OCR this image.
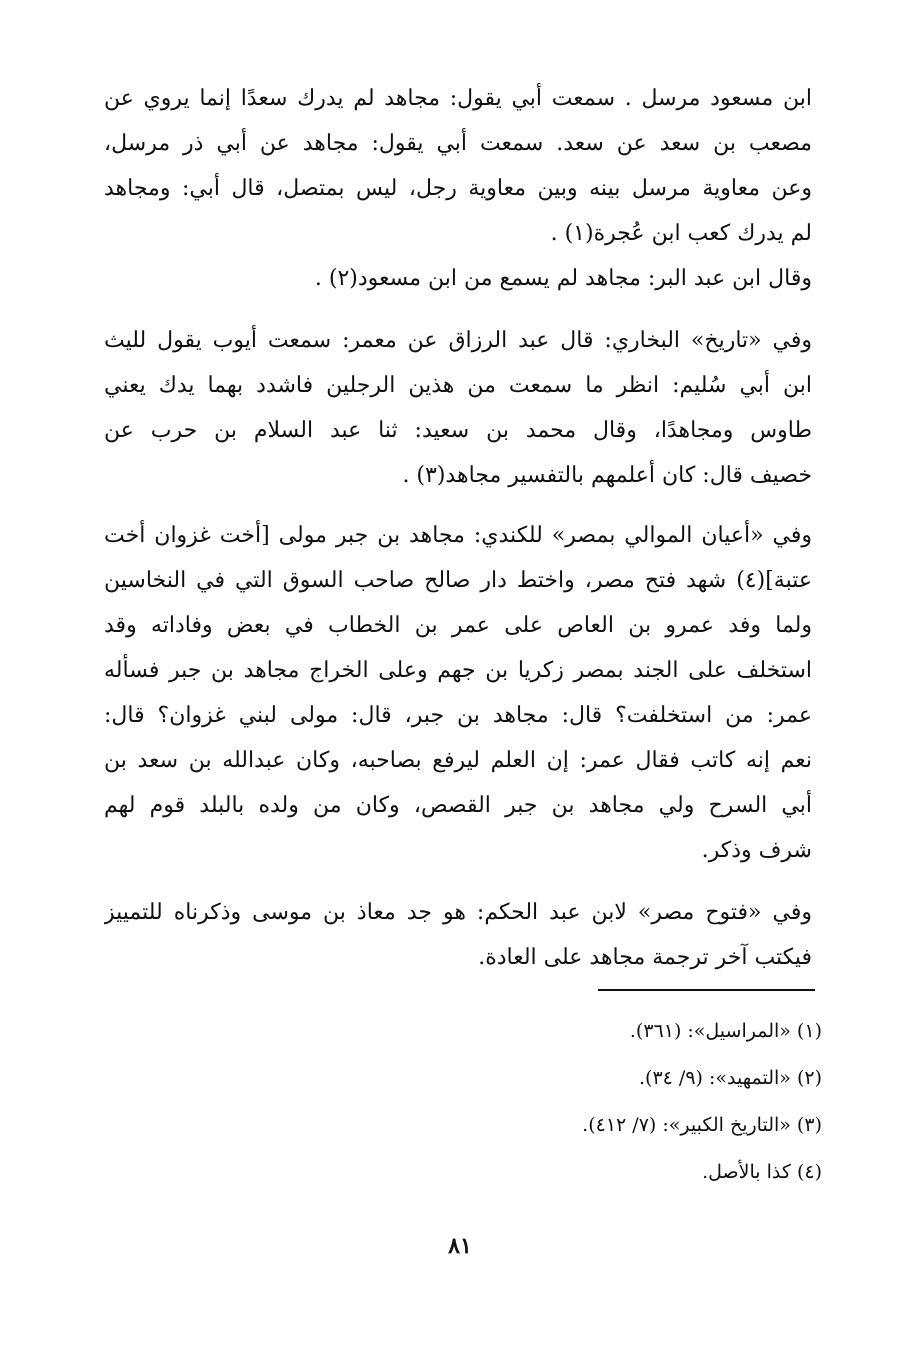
ابن مسعود مرسل . سمعت أبي يقول: مجاهد لم يدرك سعدًا إنما يروي عن
مصعب بن سعد عن سعد. سمعت أبي يقول: مجاهد عن أبي ذر مرسل،
وعن معاوية مرسل بينه وبين معاوية رجل، ليس بمتصل، قال أبي: ومجاهد
لم يدرك كعب ابن عُجرة(١) .
وقال ابن عبد البر: مجاهد لم يسمع من ابن مسعود(٢) .
وفي «تاريخ» البخاري: قال عبد الرزاق عن معمر: سمعت أيوب يقول لليث
ابن أبي سُليم: انظر ما سمعت من هذين الرجلين فاشدد بهما يدك يعني
طاوس ومجاهدًا، وقال محمد بن سعيد: ثنا عبد السلام بن حرب عن
خصيف قال: كان أعلمهم بالتفسير مجاهد(٣) .
وفي «أعيان الموالي بمصر» للكندي: مجاهد بن جبر مولى [أخت غزوان أخت
عتبة](٤) شهد فتح مصر، واختط دار صالح صاحب السوق التي في النخاسين
ولما وفد عمرو بن العاص على عمر بن الخطاب في بعض وفاداته وقد
استخلف على الجند بمصر زكريا بن جهم وعلى الخراج مجاهد بن جبر فسأله
عمر: من استخلفت؟ قال: مجاهد بن جبر، قال: مولى لبني غزوان؟ قال:
نعم إنه كاتب فقال عمر: إن العلم ليرفع بصاحبه، وكان عبدالله بن سعد بن
أبي السرح ولي مجاهد بن جبر القصص، وكان من ولده بالبلد قوم لهم
شرف وذكر.
وفي «فتوح مصر» لابن عبد الحكم: هو جد معاذ بن موسى وذكرناه للتمييز
فيكتب آخر ترجمة مجاهد على العادة.
(١) «المراسيل»: (٣٦١).
(٢) «التمهيد»: (٩/ ٣٤).
(٣) «التاريخ الكبير»: (٧/ ٤١٢).
(٤) كذا بالأصل.
٨١
